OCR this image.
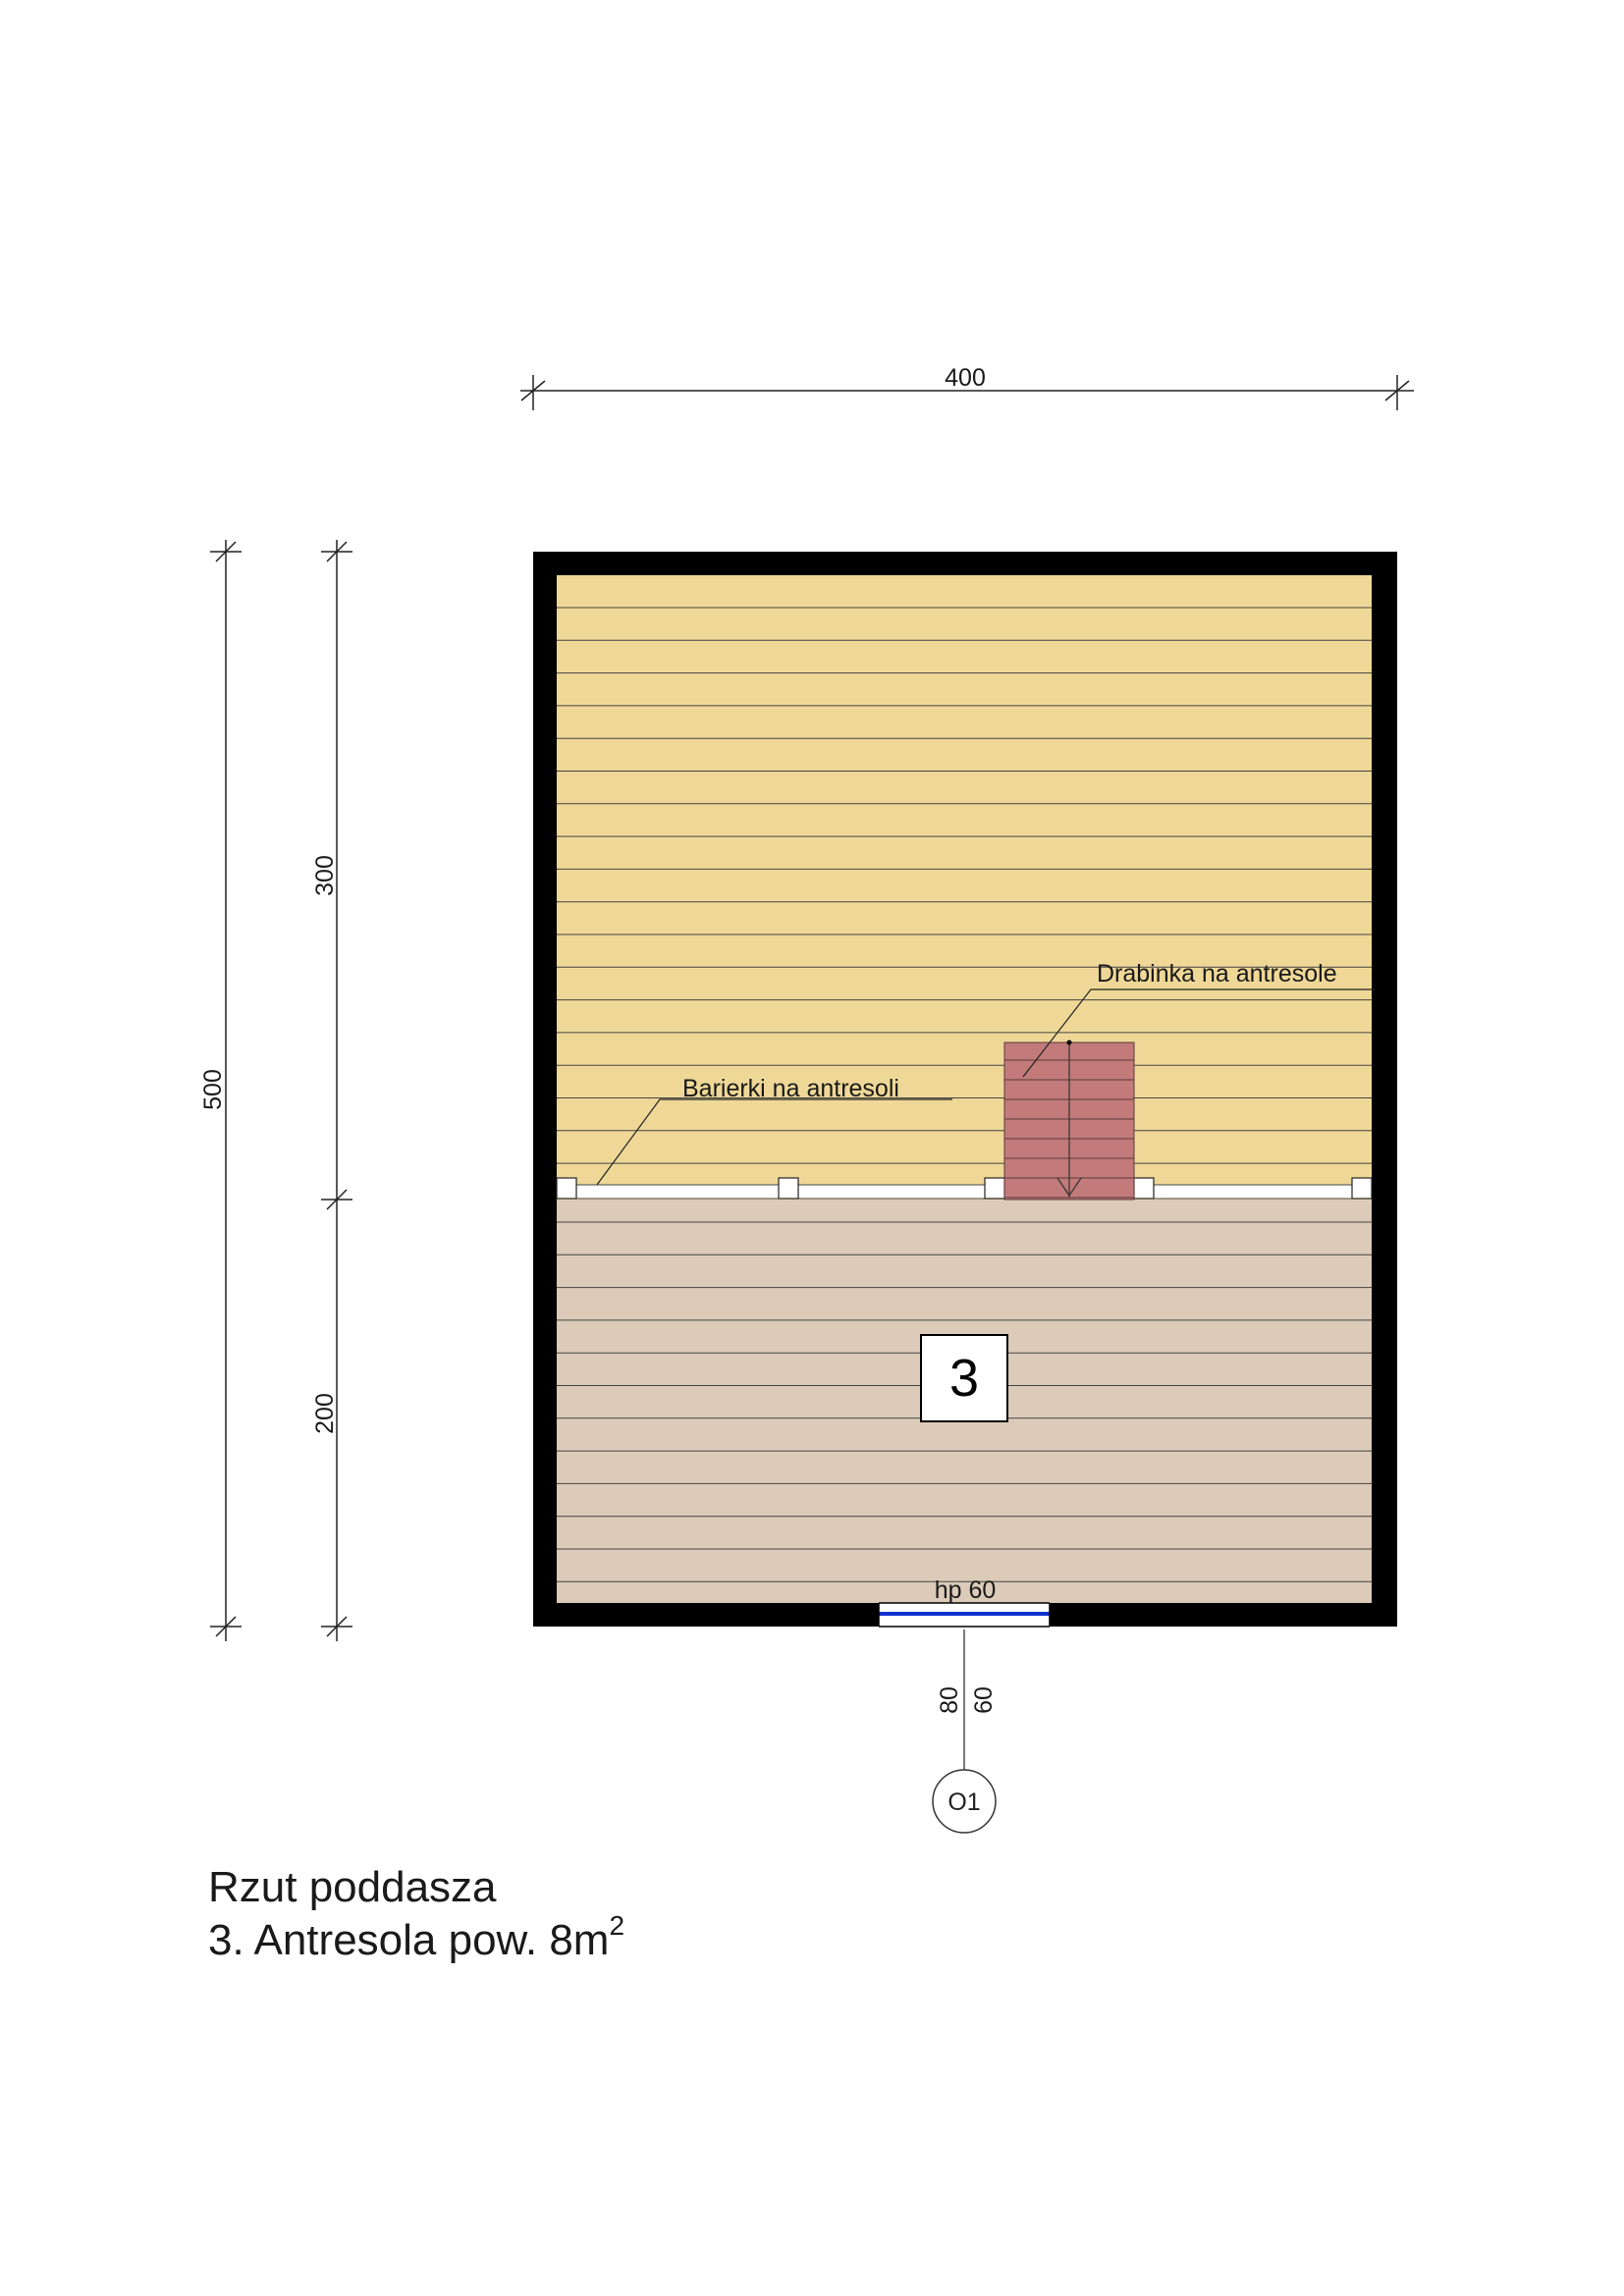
400
500
300
200
Drabinka na antresole
Barierki na antresoli
3
hp 60
80 60
O1
Rzut poddasza
3. Antresola pow. $8m^2$
